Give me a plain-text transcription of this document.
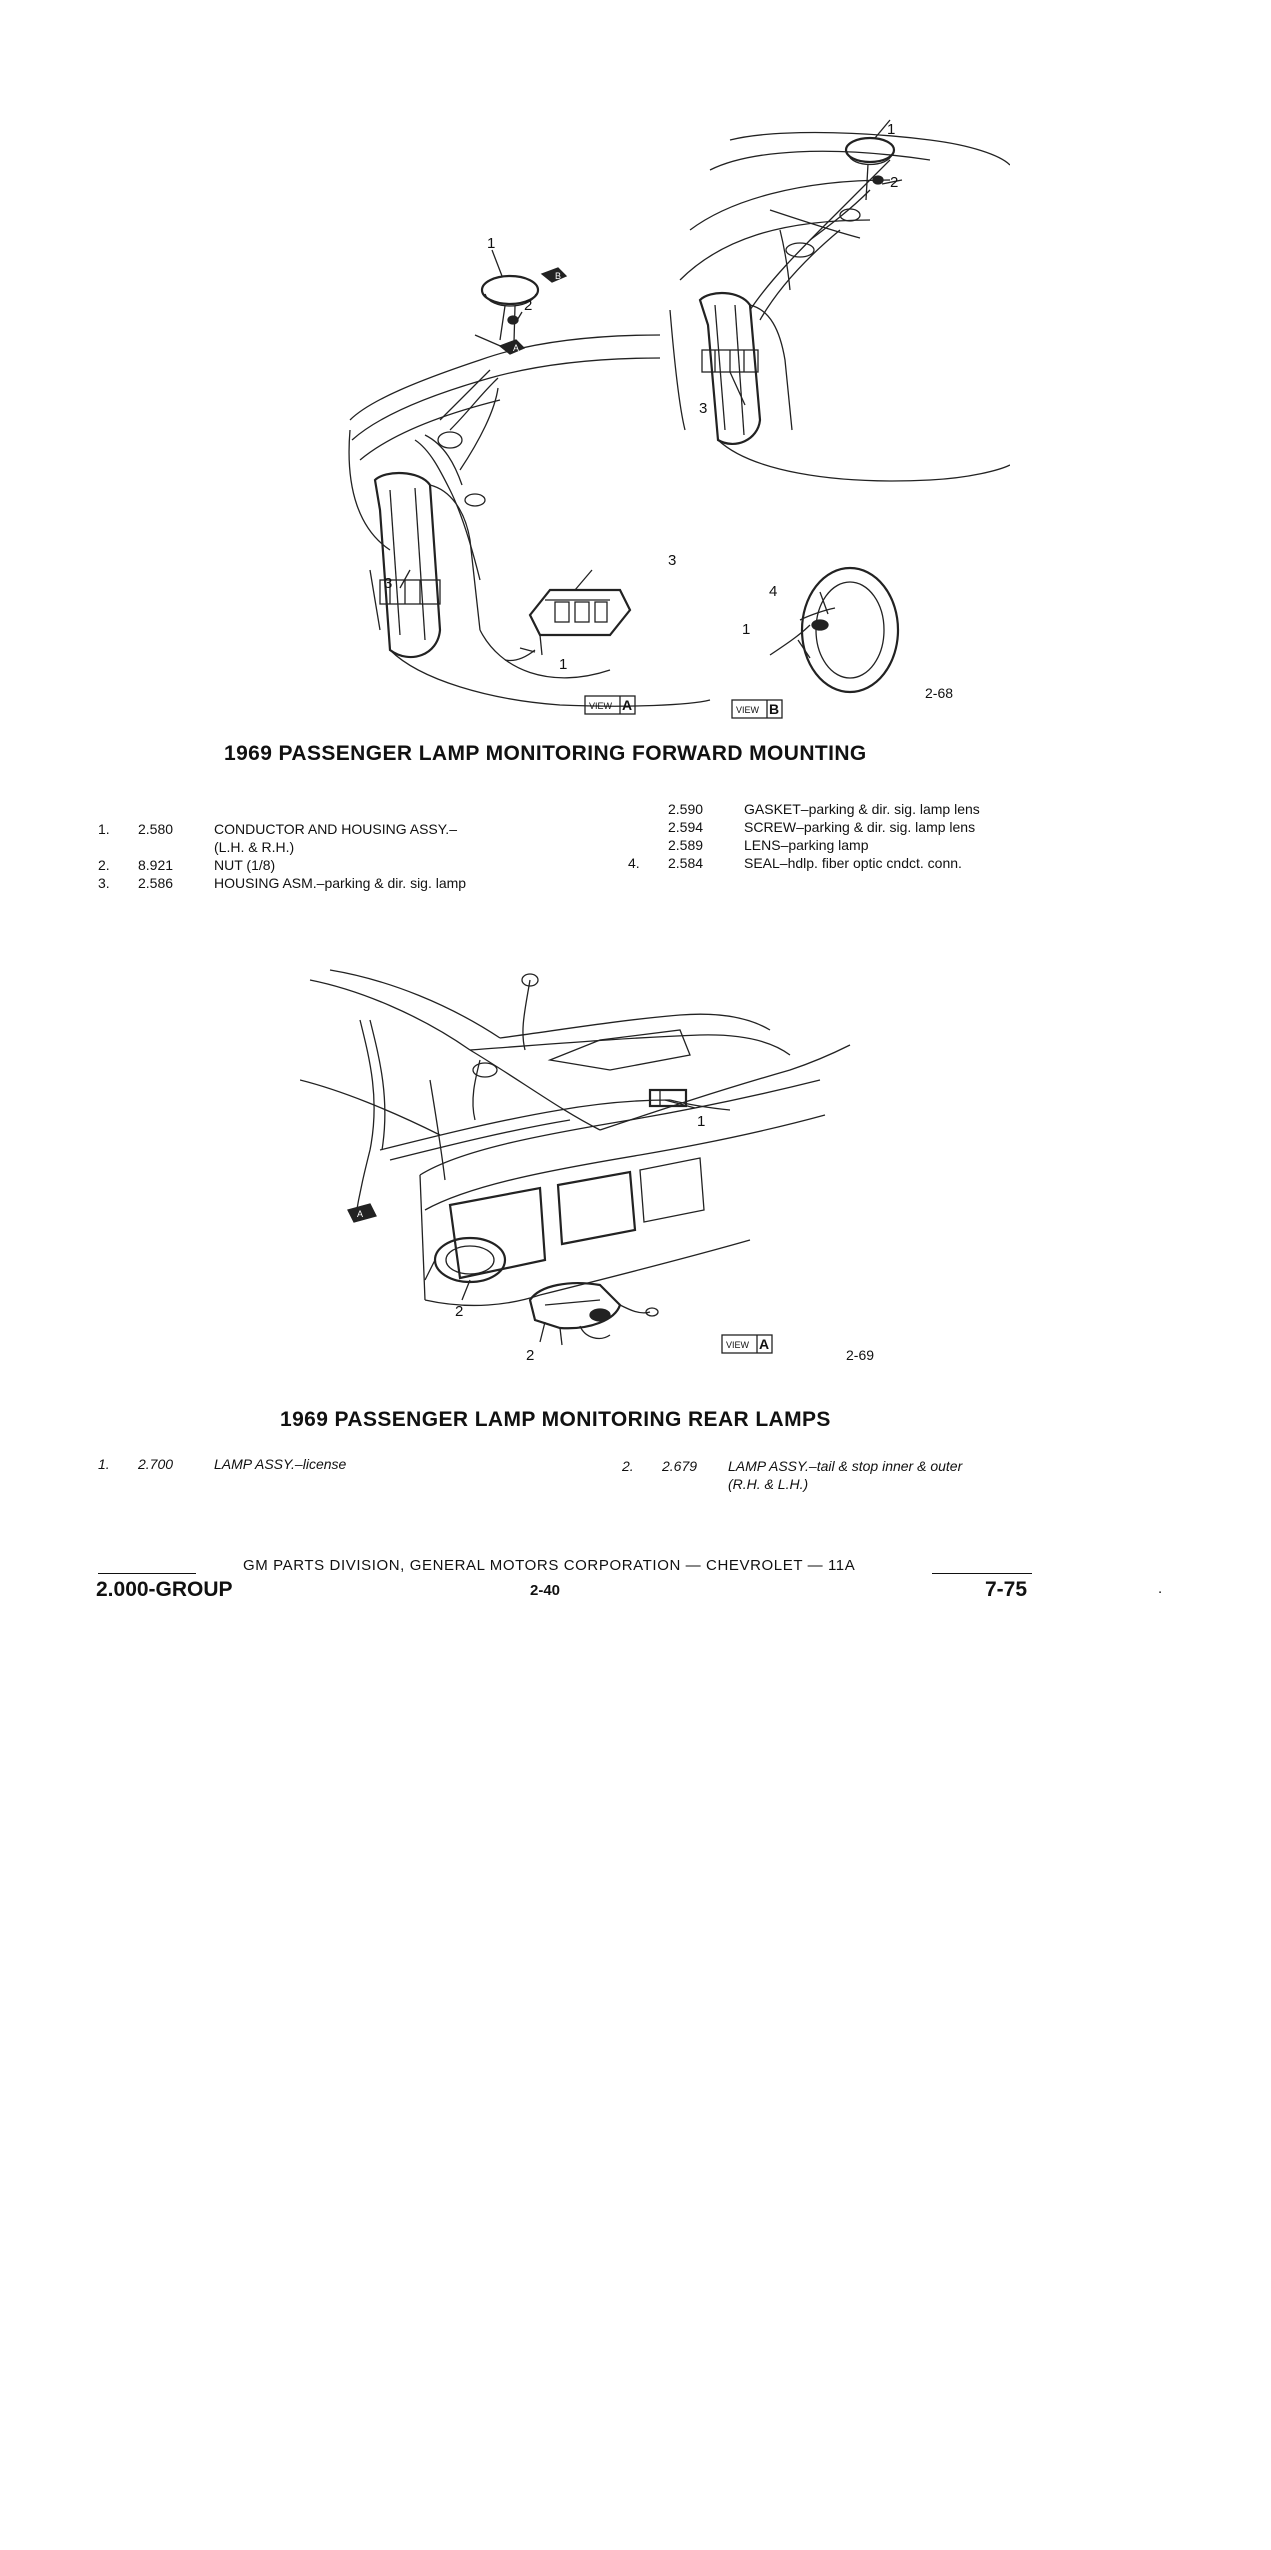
1
2
3
1
2
3
3
1
4
1
B
A
VIEW A	VIEW B
2-68
1969 PASSENGER LAMP MONITORING FORWARD MOUNTING
1. 2.580	CONDUCTOR AND HOUSING ASSY.–
(L.H. & R.H.)
2. 8.921	NUT (1/8)
3. 2.586	HOUSING ASM.–parking & dir. sig. lamp
2.590	GASKET–parking & dir. sig. lamp lens
2.594	SCREW–parking & dir. sig. lamp lens
2.589	LENS–parking lamp
4. 2.584	SEAL–hdlp. fiber optic cndct. conn.
1
2
2
A
VIEW A
2-69
1969 PASSENGER LAMP MONITORING REAR LAMPS
1. 2.700	LAMP ASSY.–license	2. 2.679 LAMP ASSY.–tail & stop inner & outer
(R.H. & L.H.)
GM PARTS DIVISION, GENERAL MOTORS CORPORATION — CHEVROLET — 11A
2.000-GROUP	2-40	7-75	.
